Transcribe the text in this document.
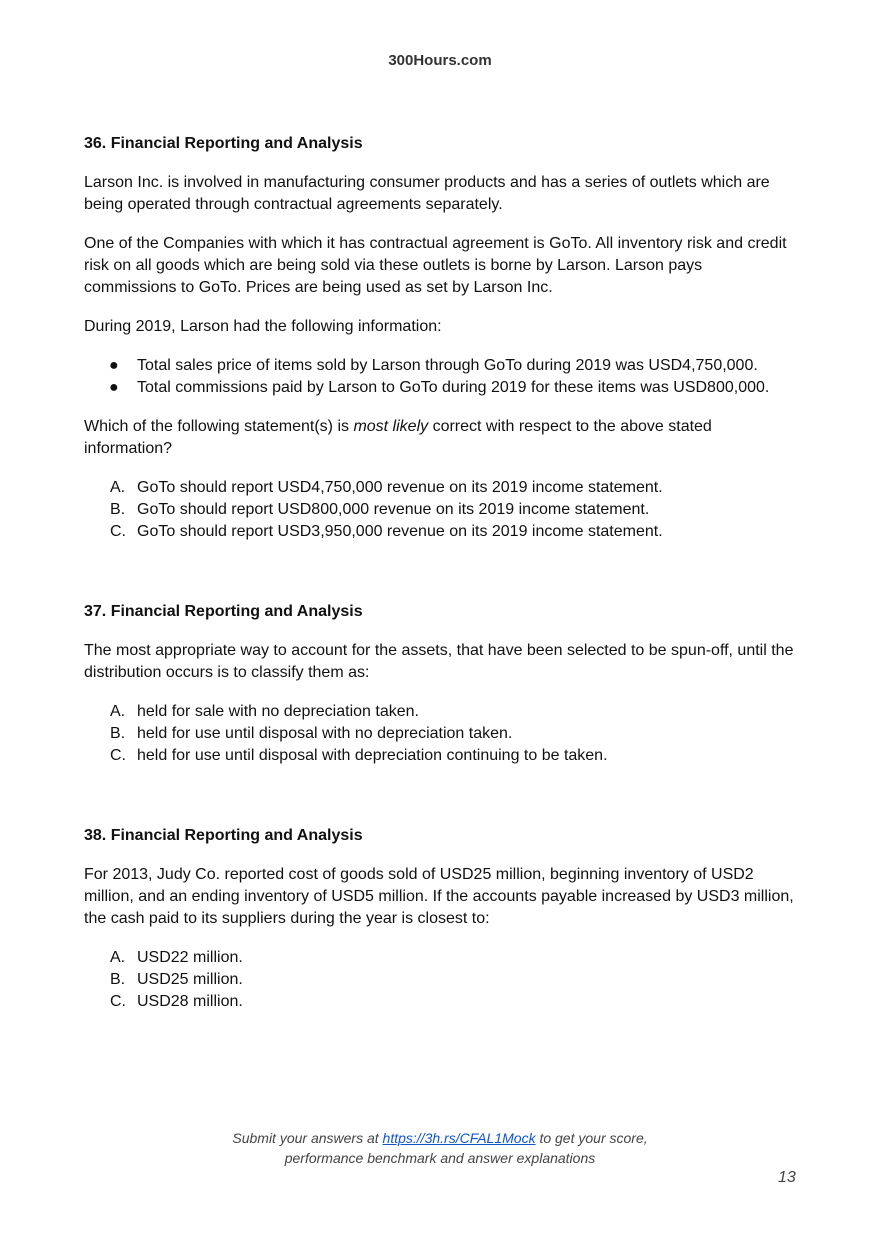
300Hours.com
36. Financial Reporting and Analysis

Larson Inc. is involved in manufacturing consumer products and has a series of outlets which are being operated through contractual agreements separately.

One of the Companies with which it has contractual agreement is GoTo. All inventory risk and credit risk on all goods which are being sold via these outlets is borne by Larson. Larson pays commissions to GoTo. Prices are being used as set by Larson Inc.

During 2019, Larson had the following information:

● Total sales price of items sold by Larson through GoTo during 2019 was USD4,750,000.
● Total commissions paid by Larson to GoTo during 2019 for these items was USD800,000.

Which of the following statement(s) is most likely correct with respect to the above stated information?

A. GoTo should report USD4,750,000 revenue on its 2019 income statement.
B. GoTo should report USD800,000 revenue on its 2019 income statement.
C. GoTo should report USD3,950,000 revenue on its 2019 income statement.
37. Financial Reporting and Analysis

The most appropriate way to account for the assets, that have been selected to be spun-off, until the distribution occurs is to classify them as:

A. held for sale with no depreciation taken.
B. held for use until disposal with no depreciation taken.
C. held for use until disposal with depreciation continuing to be taken.
38. Financial Reporting and Analysis

For 2013, Judy Co. reported cost of goods sold of USD25 million, beginning inventory of USD2 million, and an ending inventory of USD5 million. If the accounts payable increased by USD3 million, the cash paid to its suppliers during the year is closest to:

A. USD22 million.
B. USD25 million.
C. USD28 million.
Submit your answers at https://3h.rs/CFAL1Mock to get your score,
performance benchmark and answer explanations
13
